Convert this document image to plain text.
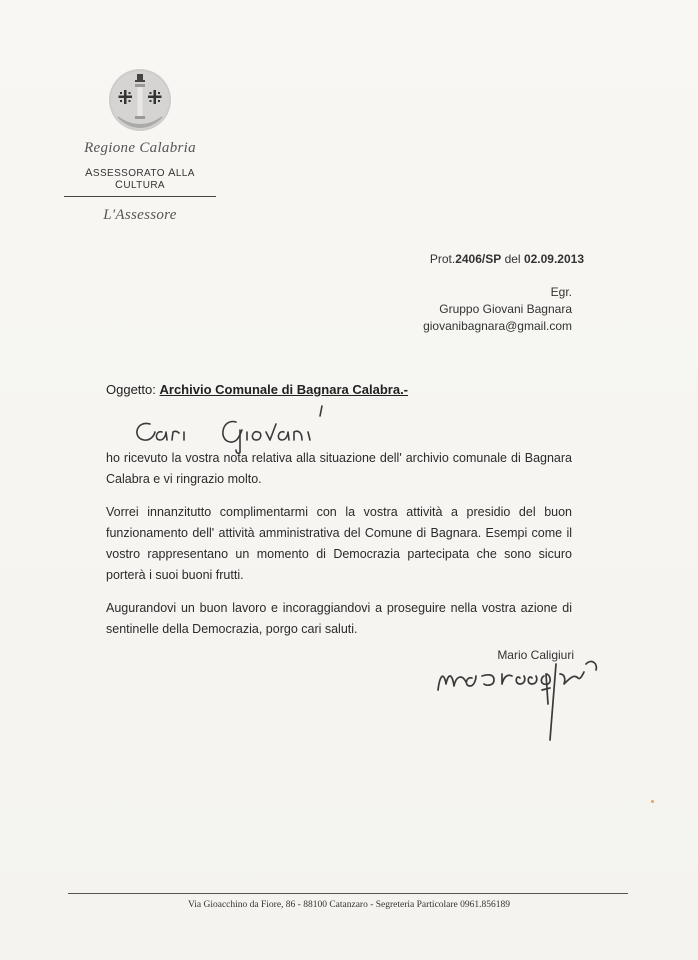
Regione Calabria
ASSESSORATO ALLA CULTURA
L'Assessore
Prot.2406/SP del 02.09.2013
Egr.
Gruppo Giovani Bagnara
giovanibagnara@gmail.com
Oggetto: Archivio Comunale di Bagnara Calabra.-

ho ricevuto la vostra nota relativa alla situazione dell' archivio comunale di Bagnara Calabra e vi ringrazio molto.

Vorrei innanzitutto complimentarmi con la vostra attività a presidio del buon funzionamento dell' attività amministrativa del Comune di Bagnara. Esempi come il vostro rappresentano un momento di Democrazia partecipata che sono sicuro porterà i suoi buoni frutti.

Augurandovi un buon lavoro e incoraggiandovi a proseguire nella vostra azione di sentinelle della Democrazia, porgo cari saluti.

Mario Caligiuri
Via Gioacchino da Fiore, 86 - 88100 Catanzaro - Segreteria Particolare 0961.856189
